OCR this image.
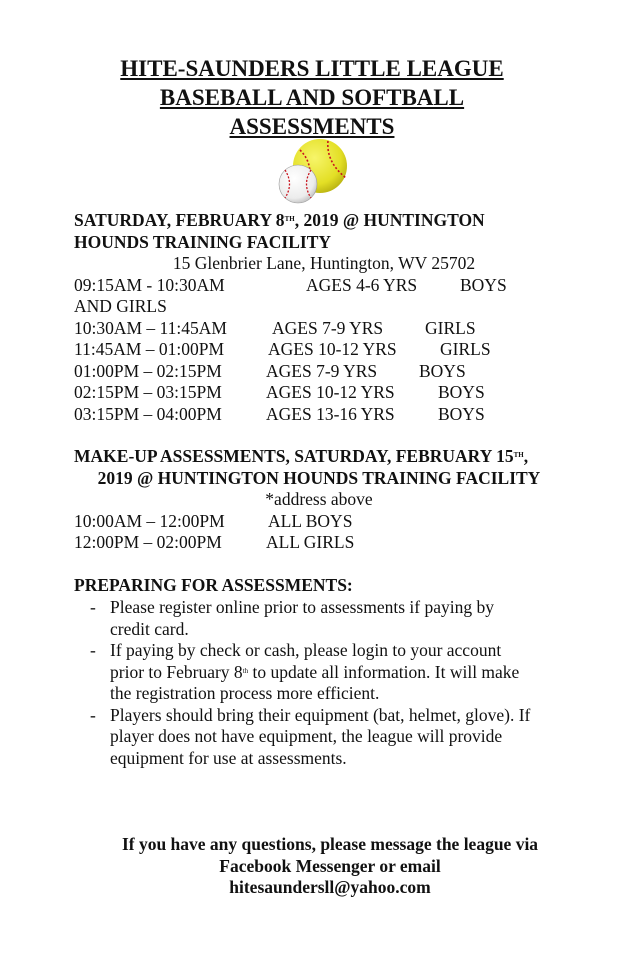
HITE-SAUNDERS LITTLE LEAGUE
BASEBALL AND SOFTBALL
ASSESSMENTS
SATURDAY, FEBRUARY 8TH, 2019 @ HUNTINGTON
HOUNDS TRAINING FACILITY
15 Glenbrier Lane, Huntington, WV 25702
09:15AM - 10:30AM	AGES 4-6 YRS	BOYS
AND GIRLS
10:30AM – 11:45AM	AGES 7-9 YRS	GIRLS
11:45AM – 01:00PM	AGES 10-12 YRS	GIRLS
01:00PM – 02:15PM	AGES 7-9 YRS	BOYS
02:15PM – 03:15PM	AGES 10-12 YRS	BOYS
03:15PM – 04:00PM	AGES 13-16 YRS	BOYS
MAKE-UP ASSESSMENTS, SATURDAY, FEBRUARY 15TH,
2019 @ HUNTINGTON HOUNDS TRAINING FACILITY
*address above
10:00AM – 12:00PM	ALL BOYS
12:00PM – 02:00PM	ALL GIRLS
PREPARING FOR ASSESSMENTS:
- Please register online prior to assessments if paying by
credit card.
- If paying by check or cash, please login to your account
prior to February 8th to update all information. It will make
the registration process more efficient.
- Players should bring their equipment (bat, helmet, glove). If
player does not have equipment, the league will provide
equipment for use at assessments.
If you have any questions, please message the league via
Facebook Messenger or email
hitesaundersll@yahoo.com
